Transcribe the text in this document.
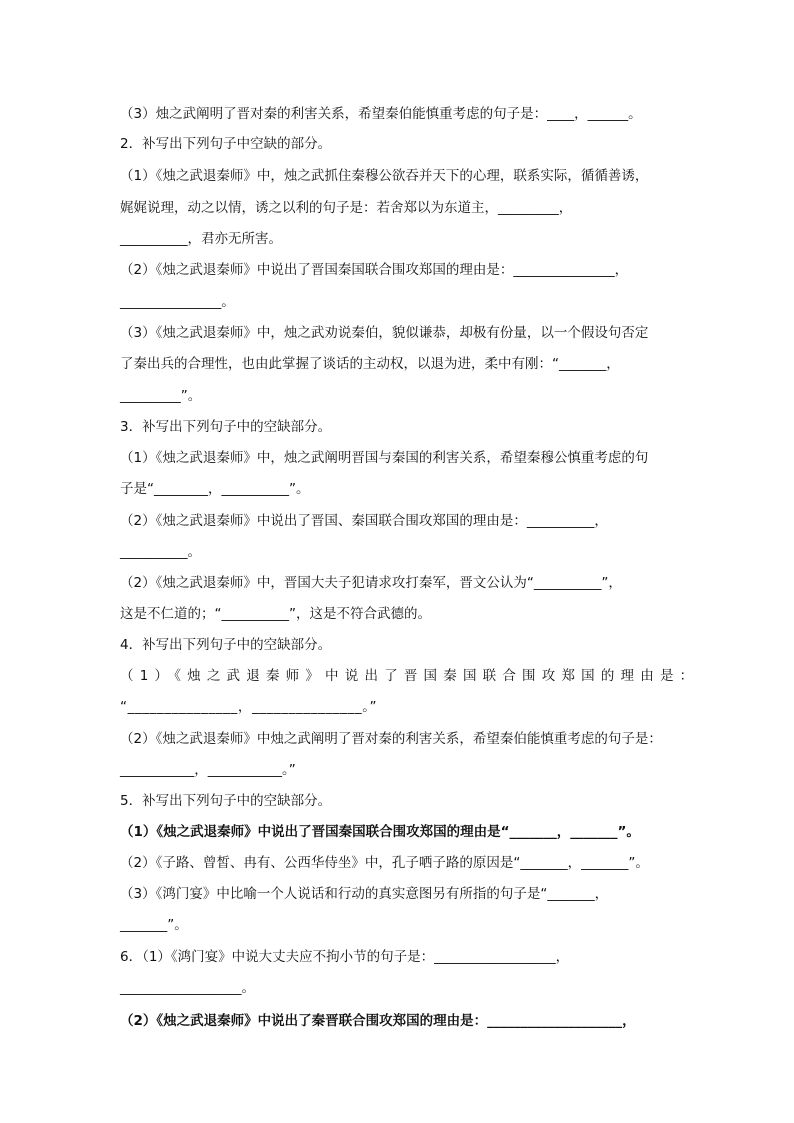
（3）烛之武阐明了晋对秦的利害关系，希望秦伯能慎重考虑的句子是：____，______。
2．补写出下列句子中空缺的部分。
（1）《烛之武退秦师》中，烛之武抓住秦穆公欲吞并天下的心理，联系实际，循循善诱，
娓娓说理，动之以情，诱之以利的句子是：若舍郑以为东道主，_________，
__________，君亦无所害。
（2）《烛之武退秦师》中说出了晋国秦国联合围攻郑国的理由是：_______________，
_______________。
（3）《烛之武退秦师》中，烛之武劝说秦伯，貌似谦恭，却极有份量，以一个假设句否定
了秦出兵的合理性，也由此掌握了谈话的主动权，以退为进，柔中有刚：“_______，
_________”。
3．补写出下列句子中的空缺部分。
（1）《烛之武退秦师》中，烛之武阐明晋国与秦国的利害关系，希望秦穆公慎重考虑的句
子是“________，__________”。
（2）《烛之武退秦师》中说出了晋国、秦国联合围攻郑国的理由是：__________，
__________。
（2）《烛之武退秦师》中，晋国大夫子犯请求攻打秦军，晋文公认为“__________”，
这是不仁道的；“__________”，这是不符合武德的。
4．补写出下列句子中的空缺部分。
（1）《烛之武退秦师》中说出了晋国秦国联合围攻郑国的理由是：
“_______________，_______________。”
（2）《烛之武退秦师》中烛之武阐明了晋对秦的利害关系，希望秦伯能慎重考虑的句子是：
___________，___________。”
5．补写出下列句子中的空缺部分。
（1）《烛之武退秦师》中说出了晋国秦国联合围攻郑国的理由是“_______，_______”。
（2）《子路、曾皙、冉有、公西华侍坐》中，孔子哂子路的原因是“_______，_______”。
（3）《鸿门宴》中比喻一个人说话和行动的真实意图另有所指的句子是“_______，
_______”。
6．（1）《鸿门宴》中说大丈夫应不拘小节的句子是：__________________，
__________________。
（2）《烛之武退秦师》中说出了秦晋联合围攻郑国的理由是：____________________，
